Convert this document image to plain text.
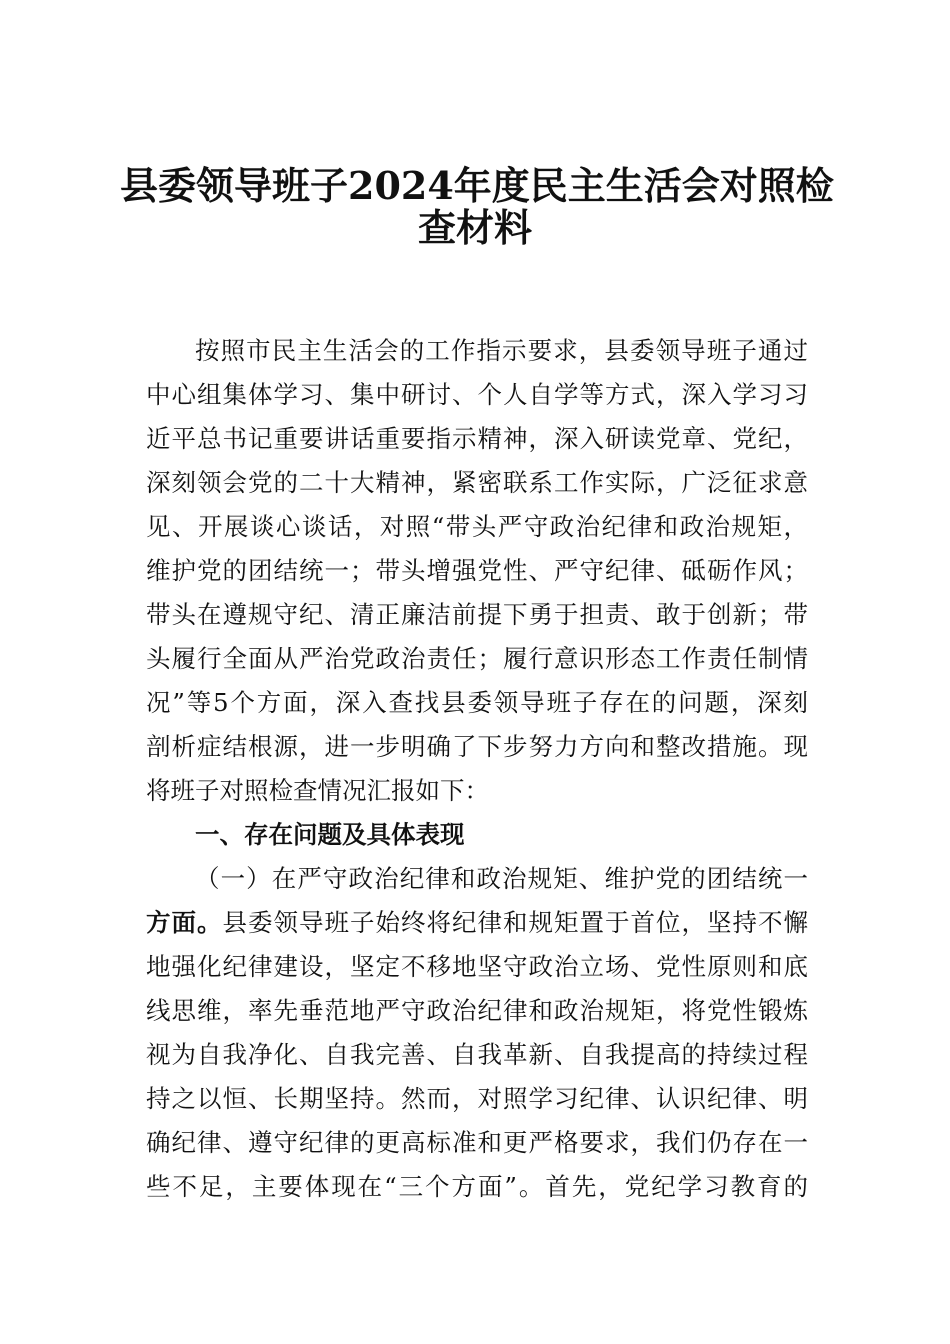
县委领导班子2024年度民主生活会对照检
查材料
按照市民主生活会的工作指示要求，县委领导班子通过
中心组集体学习、集中研讨、个人自学等方式，深入学习习
近平总书记重要讲话重要指示精神，深入研读党章、党纪，
深刻领会党的二十大精神，紧密联系工作实际，广泛征求意
见、开展谈心谈话，对照“带头严守政治纪律和政治规矩，
维护党的团结统一；带头增强党性、严守纪律、砥砺作风；
带头在遵规守纪、清正廉洁前提下勇于担责、敢于创新；带
头履行全面从严治党政治责任；履行意识形态工作责任制情
况”等5个方面，深入查找县委领导班子存在的问题，深刻
剖析症结根源，进一步明确了下步努力方向和整改措施。现
将班子对照检查情况汇报如下：
一、存在问题及具体表现
（一）在严守政治纪律和政治规矩、维护党的团结统一
方面。县委领导班子始终将纪律和规矩置于首位，坚持不懈
地强化纪律建设，坚定不移地坚守政治立场、党性原则和底
线思维，率先垂范地严守政治纪律和政治规矩，将党性锻炼
视为自我净化、自我完善、自我革新、自我提高的持续过程
持之以恒、长期坚持。然而，对照学习纪律、认识纪律、明
确纪律、遵守纪律的更高标准和更严格要求，我们仍存在一
些不足，主要体现在“三个方面”。首先，党纪学习教育的
